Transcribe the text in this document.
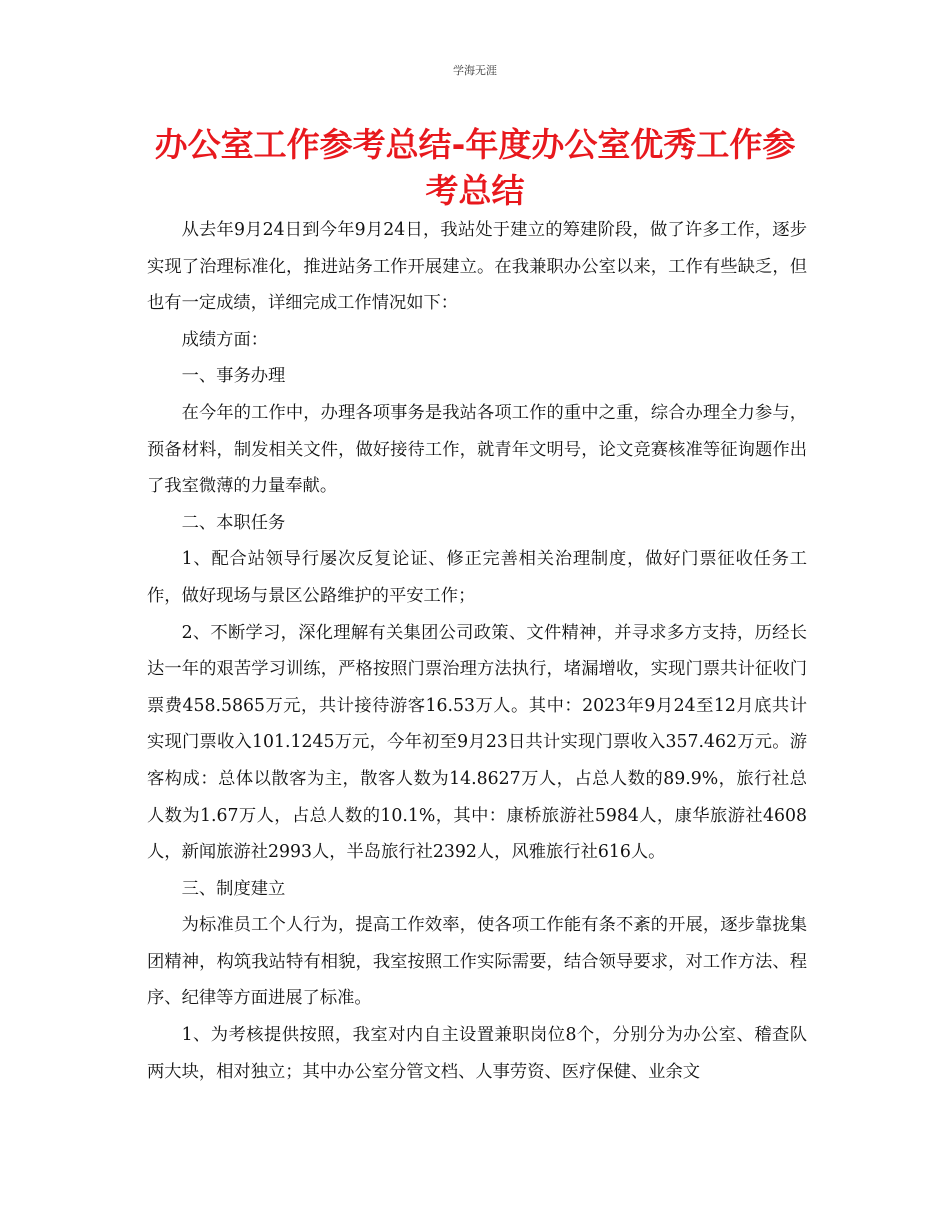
学海无涯
办公室工作参考总结-年度办公室优秀工作参考总结

从去年9月24日到今年9月24日，我站处于建立的筹建阶段，做了许多工作，逐步实现了治理标准化，推进站务工作开展建立。在我兼职办公室以来，工作有些缺乏，但也有一定成绩，详细完成工作情况如下：

成绩方面：

一、事务办理

在今年的工作中，办理各项事务是我站各项工作的重中之重，综合办理全力参与，预备材料，制发相关文件，做好接待工作，就青年文明号，论文竞赛核准等征询题作出了我室微薄的力量奉献。

二、本职任务

1、配合站领导行屡次反复论证、修正完善相关治理制度，做好门票征收任务工作，做好现场与景区公路维护的平安工作；

2、不断学习，深化理解有关集团公司政策、文件精神，并寻求多方支持，历经长达一年的艰苦学习训练，严格按照门票治理方法执行，堵漏增收，实现门票共计征收门票费458.5865万元，共计接待游客16.53万人。其中：2023年9月24至12月底共计实现门票收入101.1245万元，今年初至9月23日共计实现门票收入357.462万元。游客构成：总体以散客为主，散客人数为14.8627万人，占总人数的89.9%，旅行社总人数为1.67万人，占总人数的10.1%，其中：康桥旅游社5984人，康华旅游社4608人，新闻旅游社2993人，半岛旅行社2392人，风雅旅行社616人。

三、制度建立

为标准员工个人行为，提高工作效率，使各项工作能有条不紊的开展，逐步靠拢集团精神，构筑我站特有相貌，我室按照工作实际需要，结合领导要求，对工作方法、程序、纪律等方面进展了标准。

1、为考核提供按照，我室对内自主设置兼职岗位8个，分别分为办公室、稽查队两大块，相对独立；其中办公室分管文档、人事劳资、医疗保健、业余文
